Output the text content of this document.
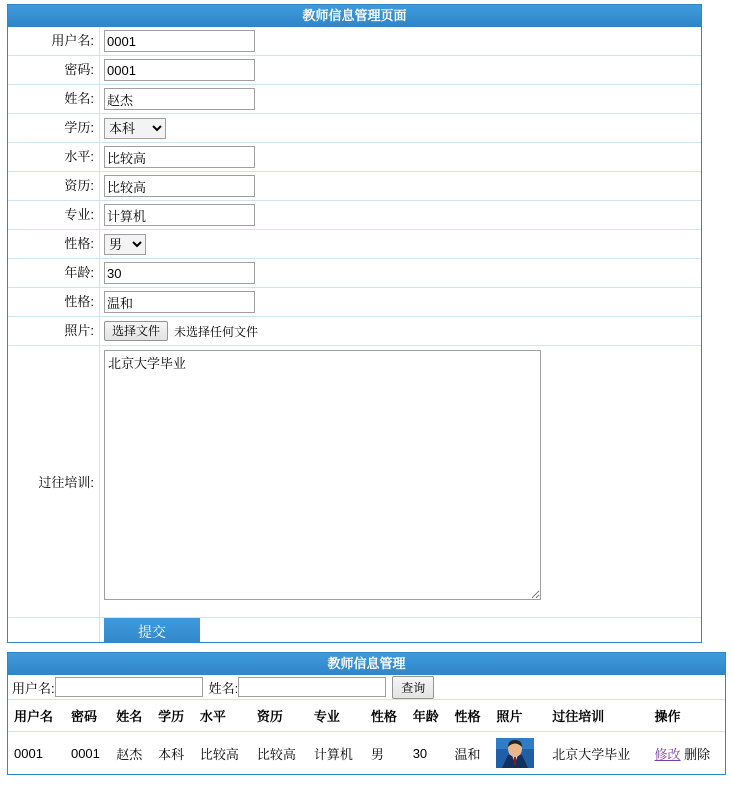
教师信息管理页面
用户名:
0001
密码:
0001
姓名:
赵杰
学历:
本科
水平:
比较高
资历:
比较高
专业:
计算机
性格:
男
年龄:
30
性格:
温和
照片:	选择文件	未选择任何文件
过往培训:
北京大学毕业
提交
教师信息管理
用户名:	姓名:	查询
用户名	密码	姓名	学历	水平	资历	专业	性格	年龄	性格	照片	过往培训	操作
0001	0001	赵杰	本科	比较高	比较高	计算机	男	30	温和		北京大学毕业	修改 删除
